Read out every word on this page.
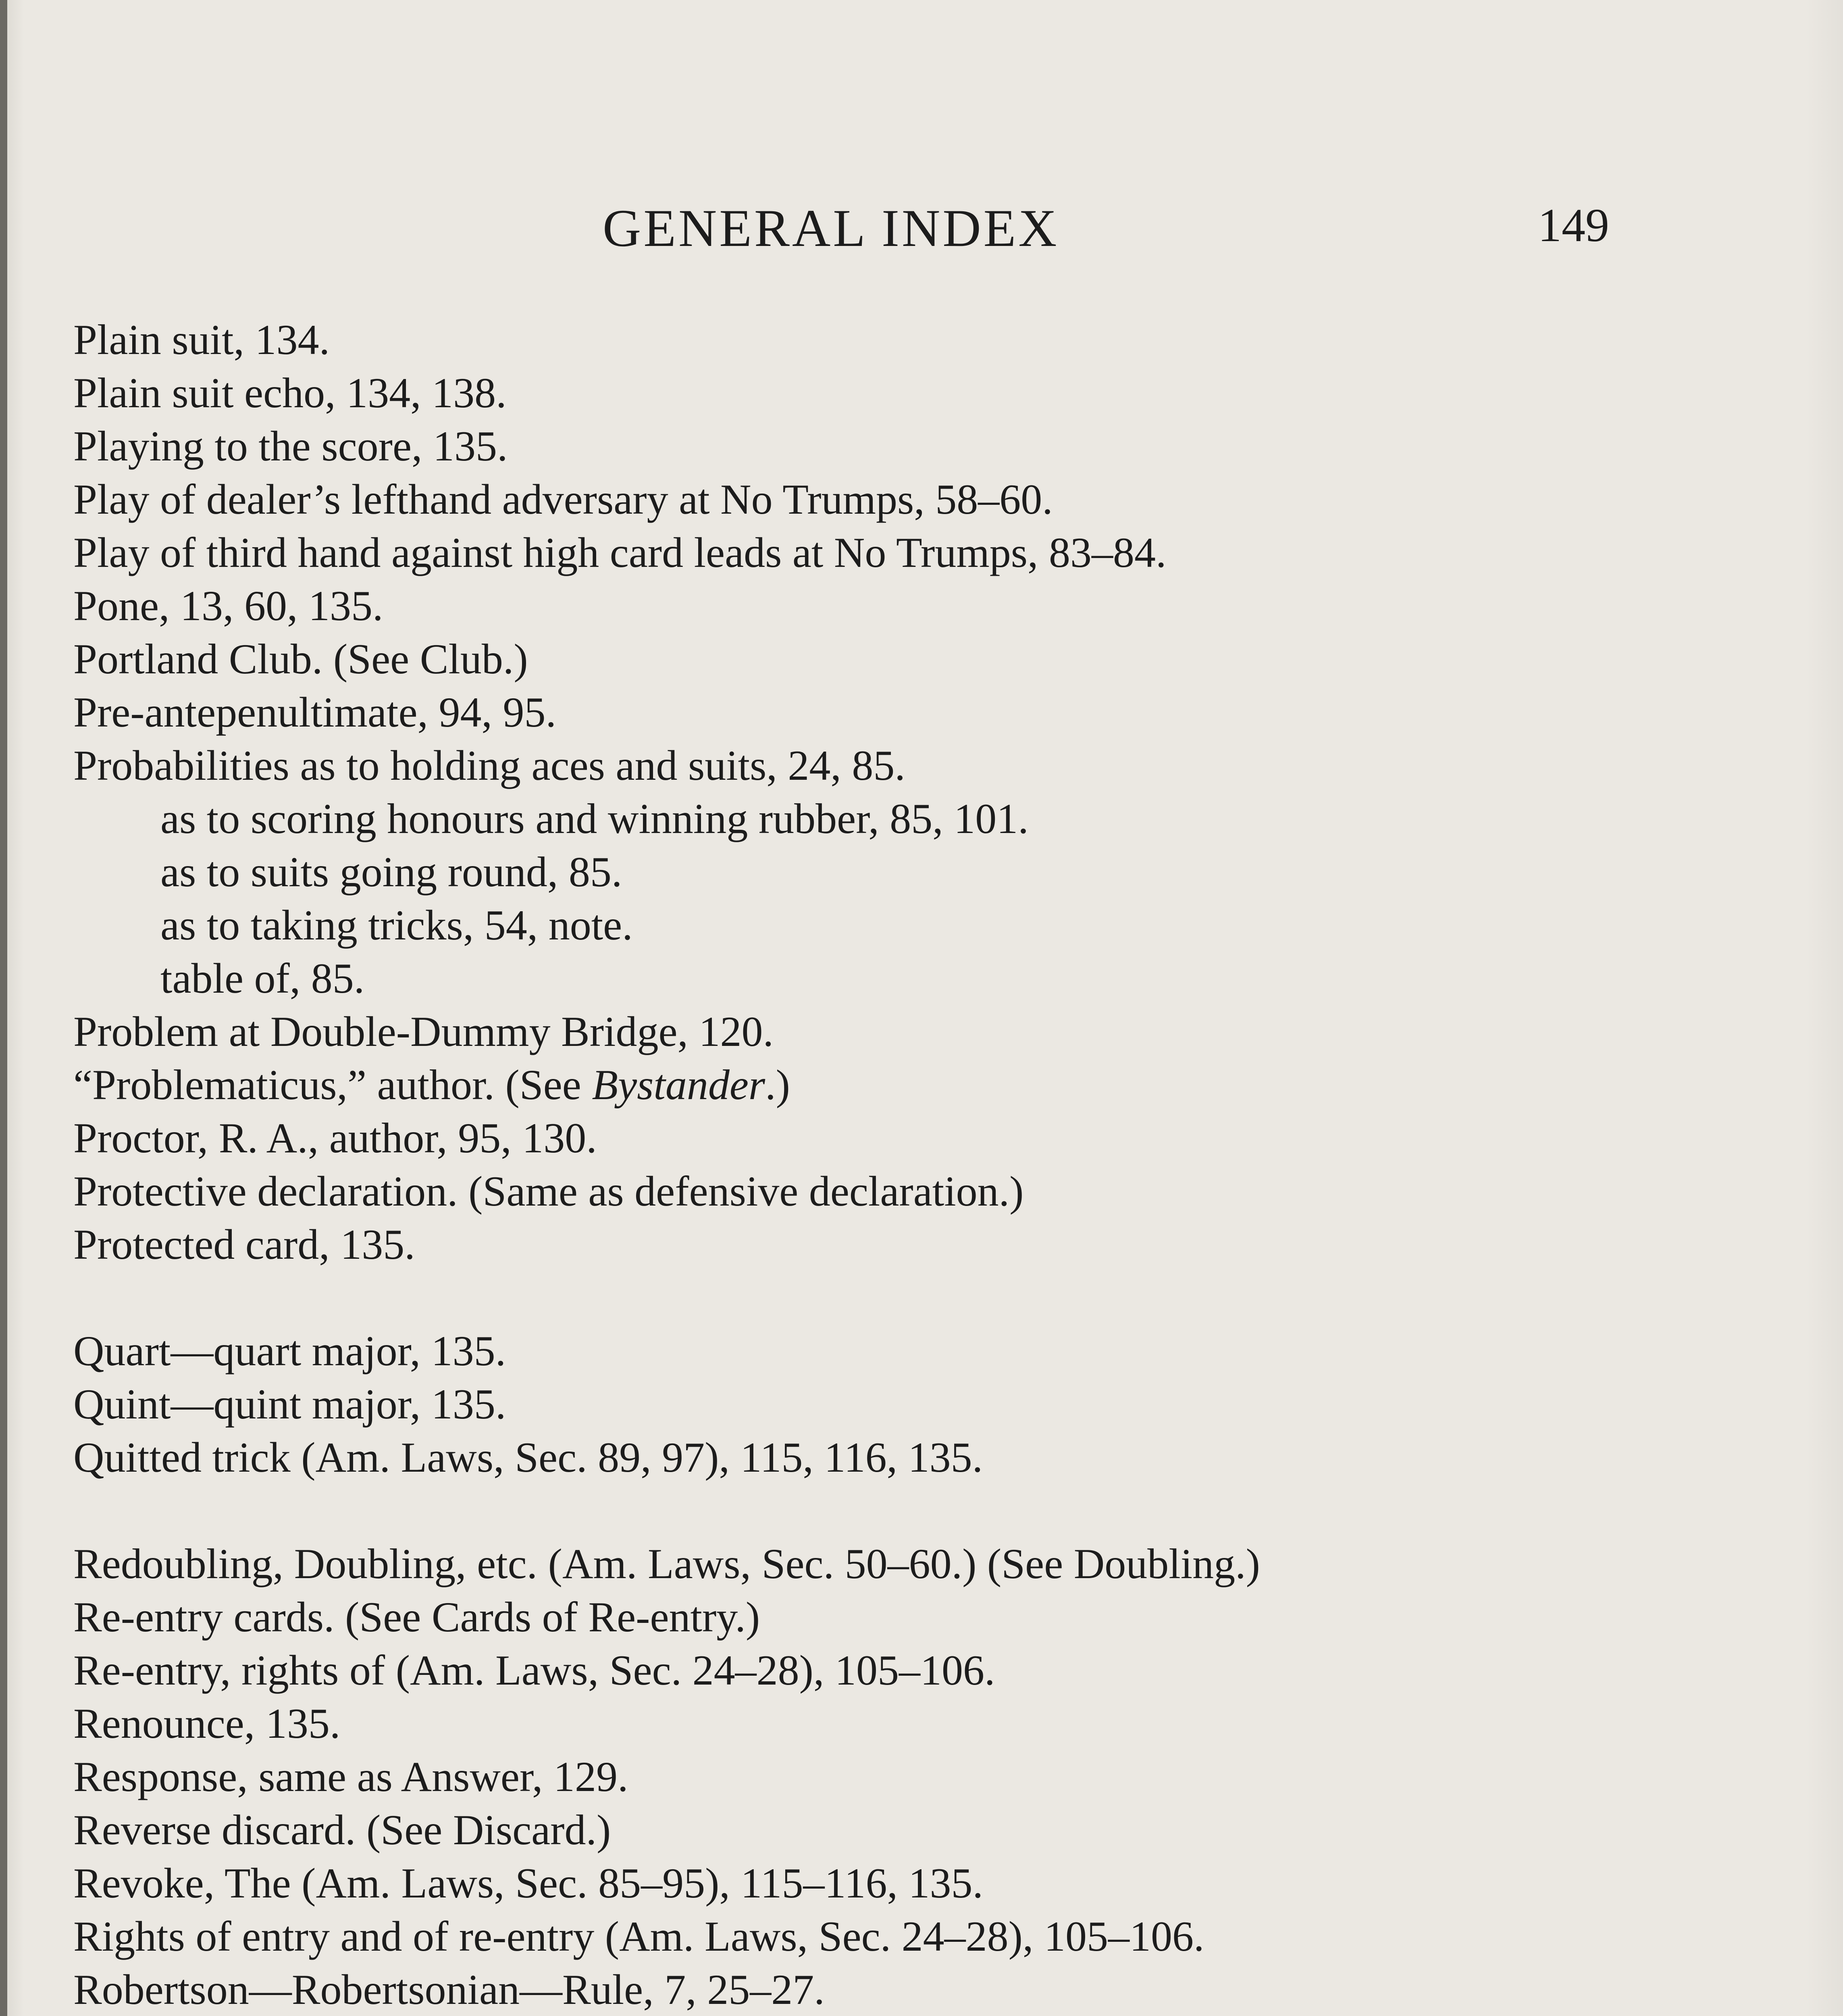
GENERAL INDEX	149
Plain suit, 134.
Plain suit echo, 134, 138.
Playing to the score, 135.
Play of dealer’s lefthand adversary at No Trumps, 58–60.
Play of third hand against high card leads at No Trumps, 83–84.
Pone, 13, 60, 135.
Portland Club. (See Club.)
Pre-antepenultimate, 94, 95.
Probabilities as to holding aces and suits, 24, 85.
as to scoring honours and winning rubber, 85, 101.
as to suits going round, 85.
as to taking tricks, 54, note.
table of, 85.
Problem at Double-Dummy Bridge, 120.
“Problematicus,” author. (See Bystander.)
Proctor, R. A., author, 95, 130.
Protective declaration. (Same as defensive declaration.)
Protected card, 135.
Quart—quart major, 135.
Quint—quint major, 135.
Quitted trick (Am. Laws, Sec. 89, 97), 115, 116, 135.
Redoubling, Doubling, etc. (Am. Laws, Sec. 50–60.) (See Doubling.)
Re-entry cards. (See Cards of Re-entry.)
Re-entry, rights of (Am. Laws, Sec. 24–28), 105–106.
Renounce, 135.
Response, same as Answer, 129.
Reverse discard. (See Discard.)
Revoke, The (Am. Laws, Sec. 85–95), 115–116, 135.
Rights of entry and of re-entry (Am. Laws, Sec. 24–28), 105–106.
Robertson—Robertsonian—Rule, 7, 25–27.
